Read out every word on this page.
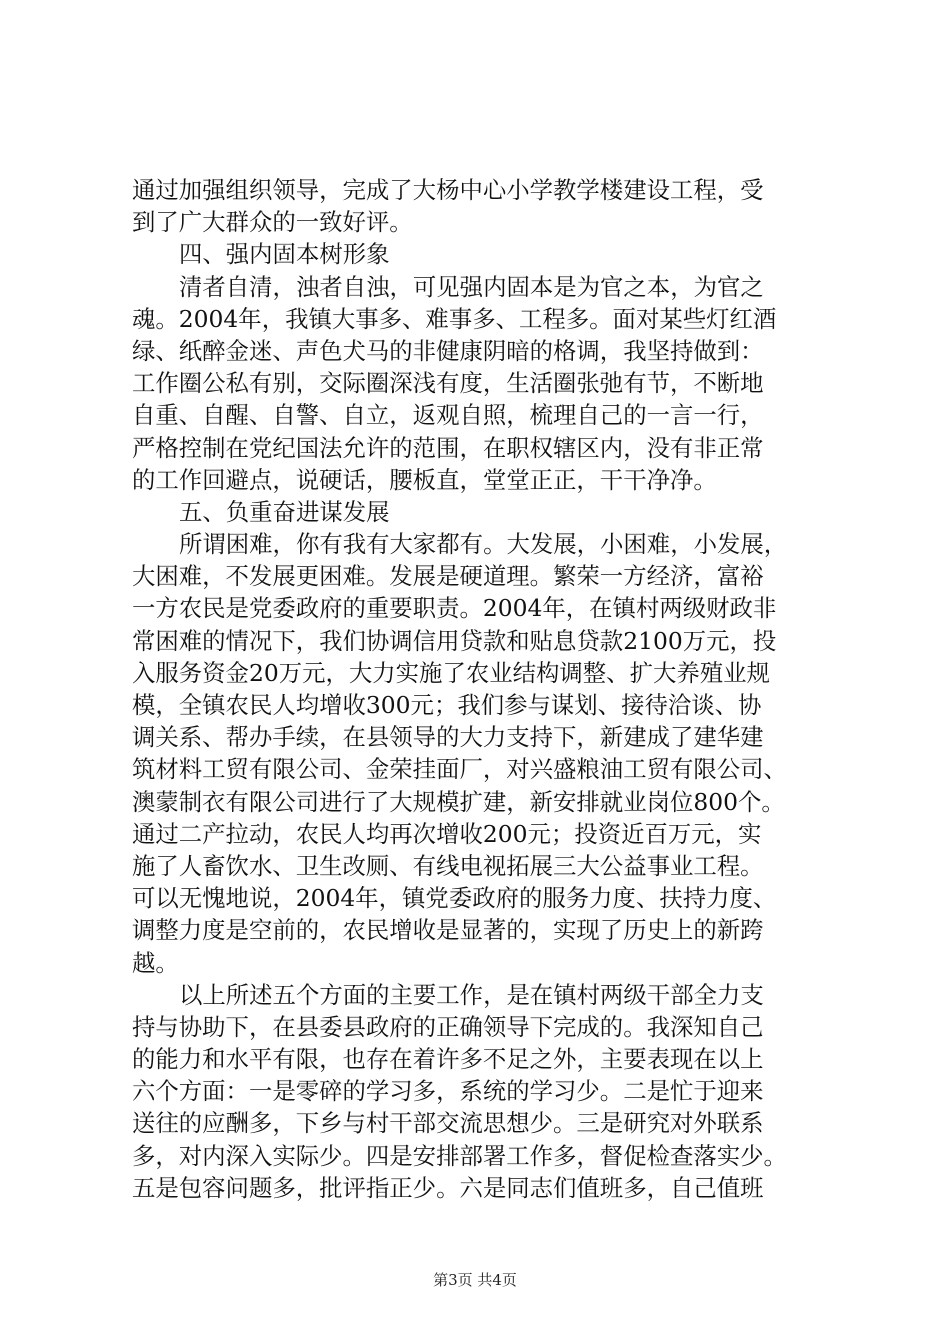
通过加强组织领导，完成了大杨中心小学教学楼建设工程，受
到了广大群众的一致好评。
四、强内固本树形象
清者自清，浊者自浊，可见强内固本是为官之本，为官之
魂。2004年，我镇大事多、难事多、工程多。面对某些灯红酒
绿、纸醉金迷、声色犬马的非健康阴暗的格调，我坚持做到：
工作圈公私有别，交际圈深浅有度，生活圈张弛有节，不断地
自重、自醒、自警、自立，返观自照，梳理自己的一言一行，
严格控制在党纪国法允许的范围，在职权辖区内，没有非正常
的工作回避点，说硬话，腰板直，堂堂正正，干干净净。
五、负重奋进谋发展
所谓困难，你有我有大家都有。大发展，小困难，小发展，
大困难，不发展更困难。发展是硬道理。繁荣一方经济，富裕
一方农民是党委政府的重要职责。2004年，在镇村两级财政非
常困难的情况下，我们协调信用贷款和贴息贷款2100万元，投
入服务资金20万元，大力实施了农业结构调整、扩大养殖业规
模，全镇农民人均增收300元；我们参与谋划、接待洽谈、协
调关系、帮办手续，在县领导的大力支持下，新建成了建华建
筑材料工贸有限公司、金荣挂面厂，对兴盛粮油工贸有限公司、
澳蒙制衣有限公司进行了大规模扩建，新安排就业岗位800个。
通过二产拉动，农民人均再次增收200元；投资近百万元，实
施了人畜饮水、卫生改厕、有线电视拓展三大公益事业工程。
可以无愧地说，2004年，镇党委政府的服务力度、扶持力度、
调整力度是空前的，农民增收是显著的，实现了历史上的新跨
越。
以上所述五个方面的主要工作，是在镇村两级干部全力支
持与协助下，在县委县政府的正确领导下完成的。我深知自己
的能力和水平有限，也存在着许多不足之外，主要表现在以上
六个方面：一是零碎的学习多，系统的学习少。二是忙于迎来
送往的应酬多，下乡与村干部交流思想少。三是研究对外联系
多，对内深入实际少。四是安排部署工作多，督促检查落实少。
五是包容问题多，批评指正少。六是同志们值班多，自己值班
第3页 共4页
